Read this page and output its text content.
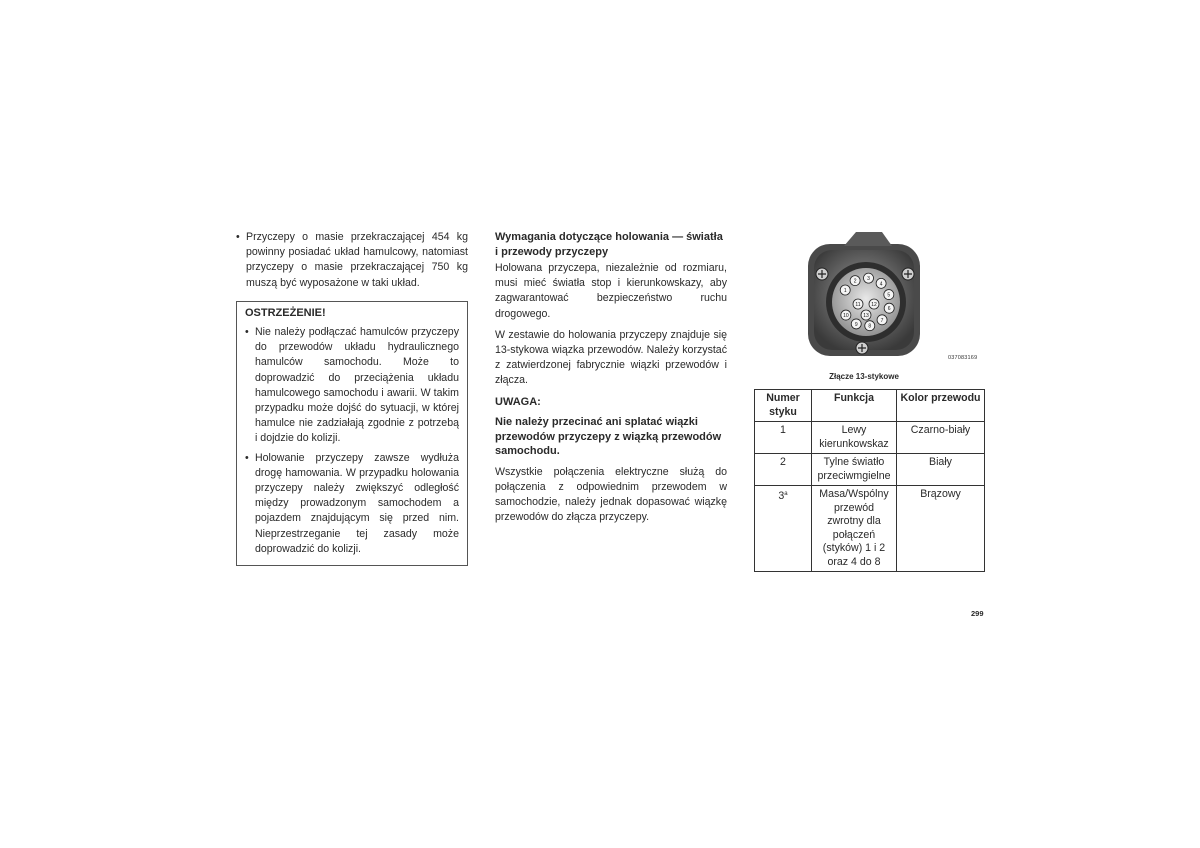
• Przyczepy o masie przekraczającej 454 kg powinny posiadać układ hamulcowy, natomiast przyczepy o masie przekraczającej 750 kg muszą być wyposażone w taki układ.
OSTRZEŻENIE!
• Nie należy podłączać hamulców przyczepy do przewodów układu hydraulicznego hamulców samochodu. Może to doprowadzić do przeciążenia układu hamulcowego samochodu i awarii. W takim przypadku może dojść do sytuacji, w której hamulce nie zadziałają zgodnie z potrzebą i dojdzie do kolizji.
• Holowanie przyczepy zawsze wydłuża drogę hamowania. W przypadku holowania przyczepy należy zwiększyć odległość między prowadzonym samochodem a pojazdem znajdującym się przed nim. Nieprzestrzeganie tej zasady może doprowadzić do kolizji.
Wymagania dotyczące holowania — światła
i przewody przyczepy
Holowana przyczepa, niezależnie od rozmiaru, musi mieć światła stop i kierunkowskazy, aby zagwarantować bezpieczeństwo ruchu drogowego.
W zestawie do holowania przyczepy znajduje się 13-stykowa wiązka przewodów. Należy korzystać z zatwierdzonej fabrycznie wiązki przewodów i złącza.
UWAGA:
Nie należy przecinać ani splatać wiązki przewodów przyczepy z wiązką przewodów samochodu.
Wszystkie połączenia elektryczne służą do połączenia z odpowiednim przewodem w samochodzie, należy jednak dopasować wiązkę przewodów do złącza przyczepy.
1
2 3
4
5
6
7
8
9
10
11 12
13
037083169
Złącze 13-stykowe
Numer styku	Funkcja	Kolor przewodu
1	Lewy kierunkowskaz	Czarno-biały
2	Tylne światło przeciwmgielne	Biały
3$^a$	Masa/Wspólny przewód zwrotny dla połączeń (styków) 1 i 2 oraz 4 do 8	Brązowy
299
